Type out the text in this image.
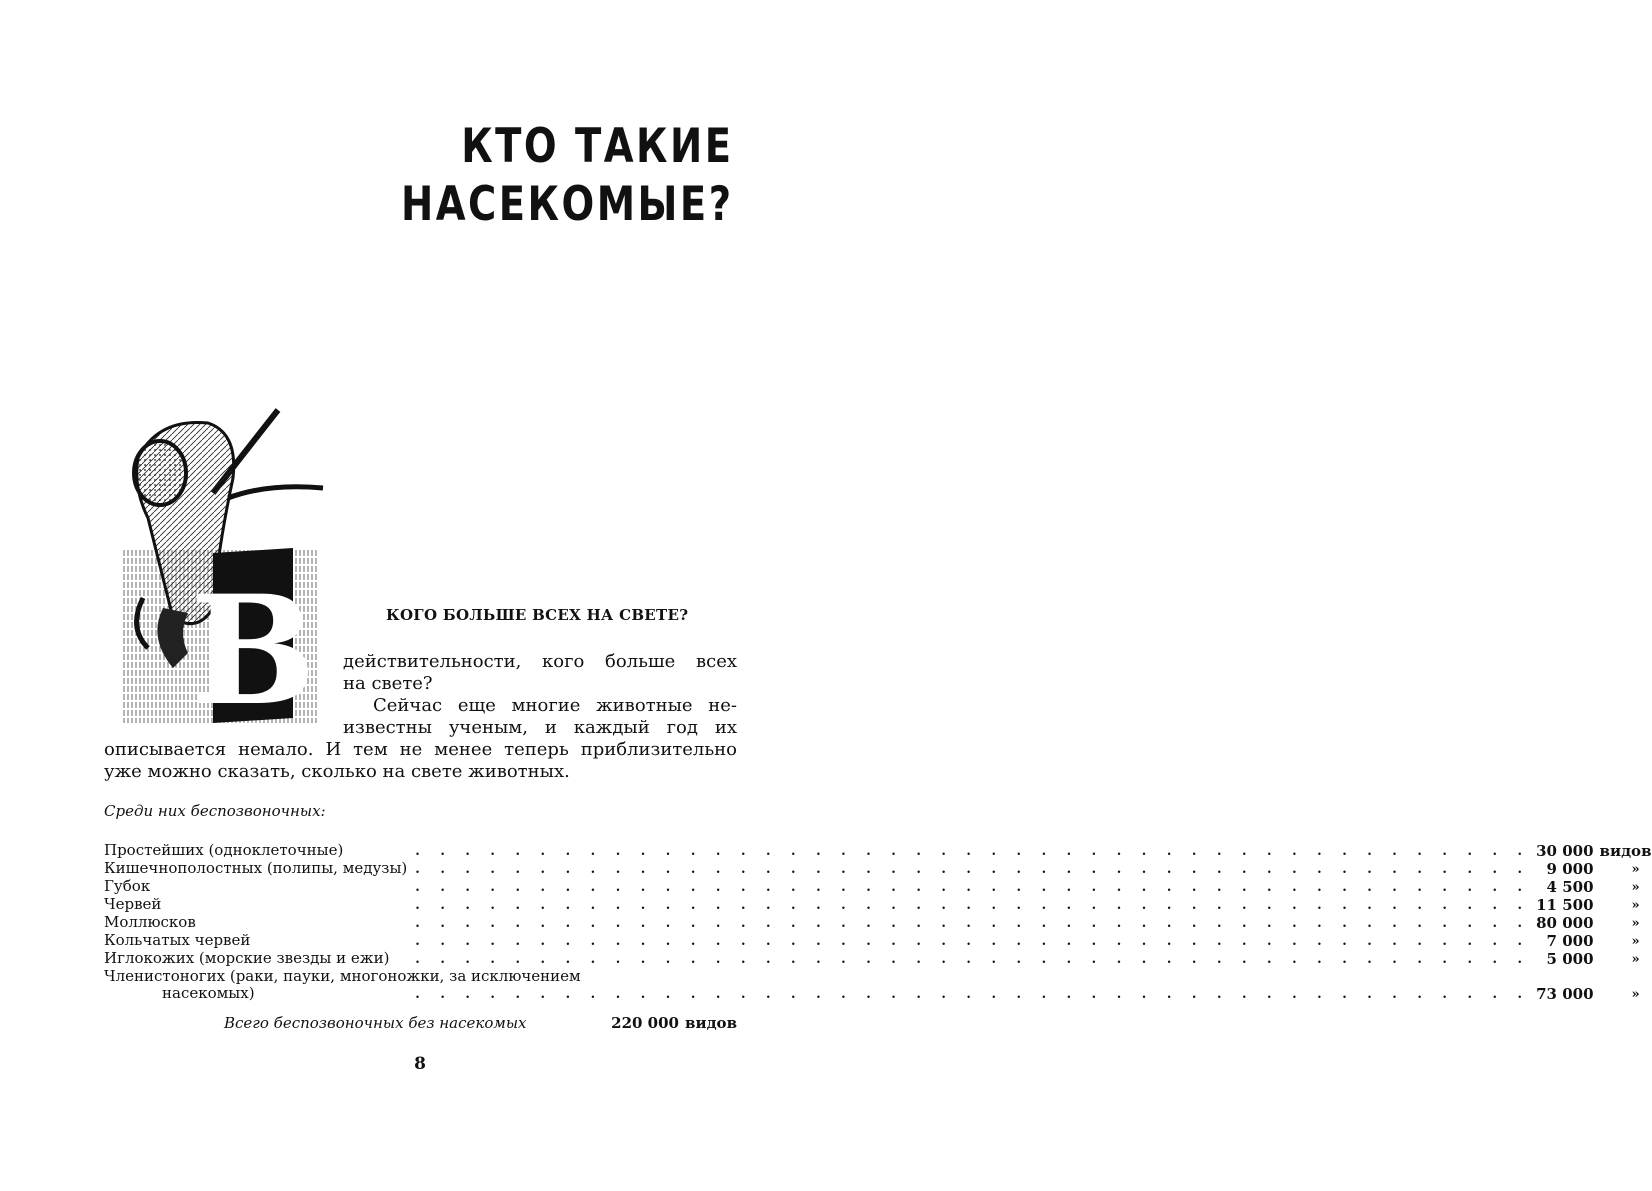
КТО ТАКИЕ
НАСЕКОМЫЕ?
В	КОГО БОЛЬШЕ ВСЕХ НА СВЕТЕ?

действительности, кого больше всех

на свете?

Сейчас еще многие животные не-

известны ученым, и каждый год их

описывается немало. И тем не менее теперь приблизительно

уже можно сказать, сколько на свете животных.

Среди них беспозвоночных:
Простейших (одноклеточные) . . . . . . . . . . . . . . . . . . . . . . . . . . . . . . . . . . . . . . . . . . . . .	30 000	видов

Кишечнополостных (полипы, медузы) . . . . . . . . . . . . . . . . . . . . . . . . . . . . . . . . . . . . . . . . . . . . .	9 000	»

Губок . . . . . . . . . . . . . . . . . . . . . . . . . . . . . . . . . . . . . . . . . . . . .	4 500	»

Червей . . . . . . . . . . . . . . . . . . . . . . . . . . . . . . . . . . . . . . . . . . . . .	11 500	»

Моллюсков . . . . . . . . . . . . . . . . . . . . . . . . . . . . . . . . . . . . . . . . . . . . .	80 000	»

Кольчатых червей . . . . . . . . . . . . . . . . . . . . . . . . . . . . . . . . . . . . . . . . . . . . .	7 000	»

Иглокожих (морские звезды и ежи) . . . . . . . . . . . . . . . . . . . . . . . . . . . . . . . . . . . . . . . . . . . . .	5 000	»
Членистоногих (раки, пауки, многоножки, за исключением		

насекомых) . . . . . . . . . . . . . . . . . . . . . . . . . . . . . . . . . . . . . . . . . . . . .	73 000	»
Всего беспозвоночных без насекомых	220 000 видов
8
